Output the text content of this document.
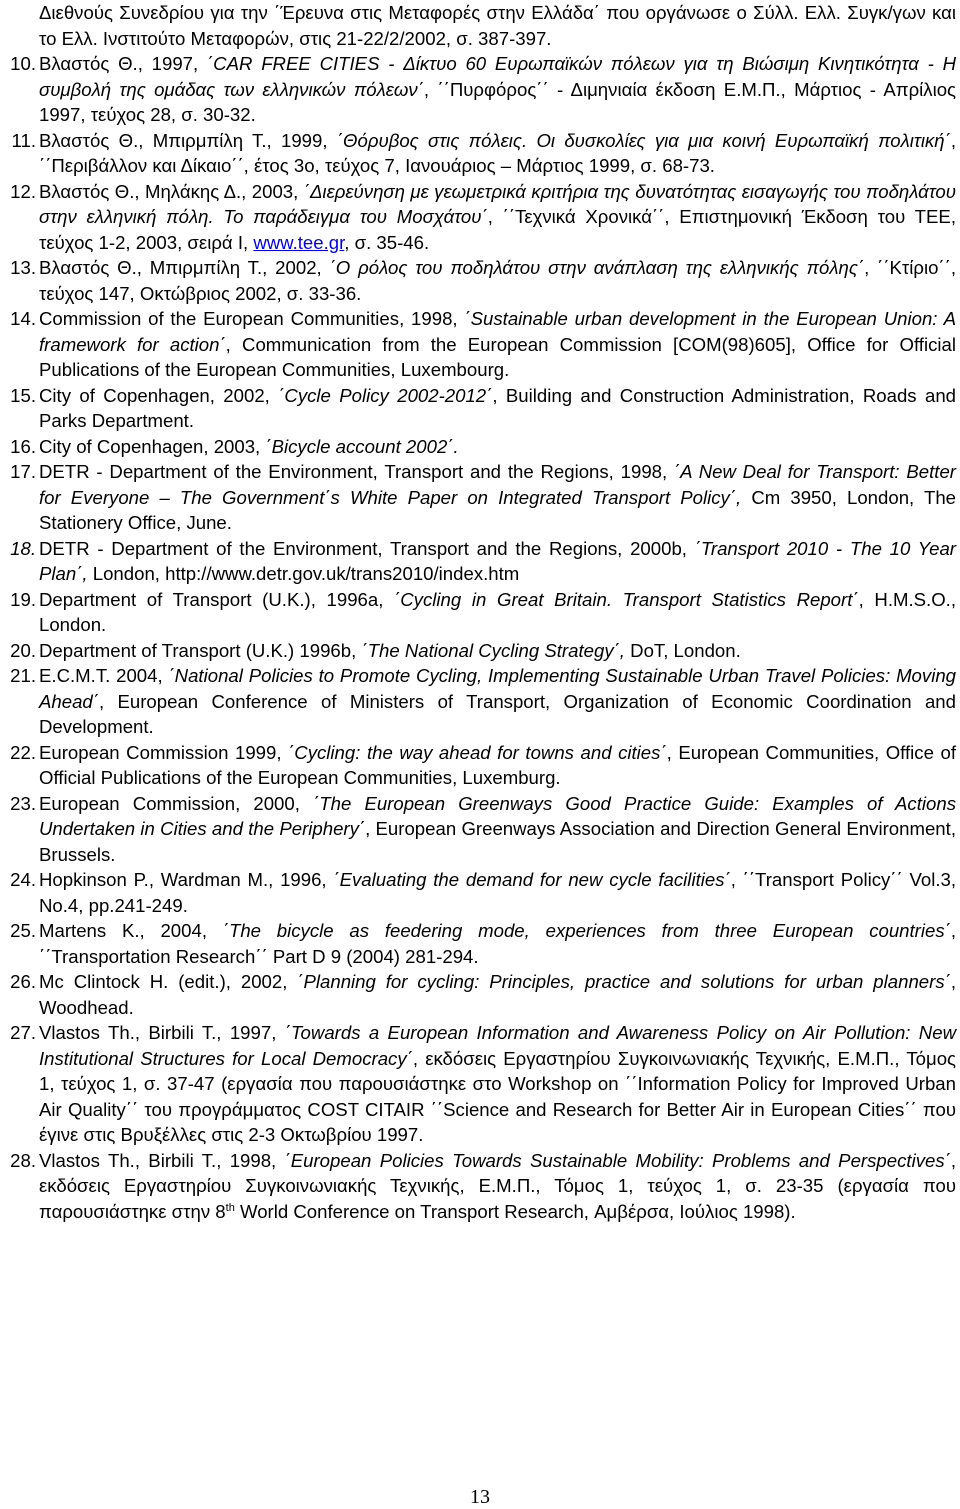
Διεθνούς Συνεδρίου για την ΄Έρευνα στις Μεταφορές στην Ελλάδα΄ που οργάνωσε ο Σύλλ. Ελλ. Συγκ/γων και το Ελλ. Ινστιτούτο Μεταφορών, στις 21-22/2/2002, σ. 387-397.
10. Βλαστός Θ., 1997, ΄CAR FREE CITIES - Δίκτυο 60 Ευρωπαϊκών πόλεων για τη Βιώσιμη Κινητικότητα - Η συμβολή της ομάδας των ελληνικών πόλεων΄, ΄΄Πυρφόρος΄΄ - Διμηνιαία έκδοση Ε.Μ.Π., Μάρτιος - Απρίλιος 1997, τεύχος 28, σ. 30-32.
11. Βλαστός Θ., Μπιρμπίλη Τ., 1999, ΄Θόρυβος στις πόλεις. Οι δυσκολίες για μια κοινή Ευρωπαϊκή πολιτική΄, ΄΄Περιβάλλον και Δίκαιο΄΄, έτος 3ο, τεύχος 7, Ιανουάριος – Μάρτιος 1999, σ. 68-73.
12. Βλαστός Θ., Μηλάκης Δ., 2003, ΄Διερεύνηση με γεωμετρικά κριτήρια της δυνατότητας εισαγωγής του ποδηλάτου στην ελληνική πόλη. Το παράδειγμα του Μοσχάτου΄, ΄΄Τεχνικά Χρονικά΄΄, Επιστημονική Έκδοση του ΤΕΕ, τεύχος 1-2, 2003, σειρά Ι, www.tee.gr, σ. 35-46.
13. Βλαστός Θ., Μπιρμπίλη Τ., 2002, ΄Ο ρόλος του ποδηλάτου στην ανάπλαση της ελληνικής πόλης΄, ΄΄Κτίριο΄΄, τεύχος 147, Οκτώβριος 2002, σ. 33-36.
14. Commission of the European Communities, 1998, ΄Sustainable urban development in the European Union: A framework for action΄, Communication from the European Commission [COM(98)605], Office for Official Publications of the European Communities, Luxembourg.
15. City of Copenhagen, 2002, ΄Cycle Policy 2002-2012΄, Building and Construction Administration, Roads and Parks Department.
16. City of Copenhagen, 2003, ΄Bicycle account 2002΄.
17. DETR - Department of the Environment, Transport and the Regions, 1998, ΄A New Deal for Transport: Better for Everyone – The Government΄s White Paper on Integrated Transport Policy΄, Cm 3950, London, The Stationery Office, June.
18. DETR - Department of the Environment, Transport and the Regions, 2000b, ΄Transport 2010 - The 10 Year Plan΄, London, http://www.detr.gov.uk/trans2010/index.htm
19. Department of Transport (U.K.), 1996a, ΄Cycling in Great Britain. Transport Statistics Report΄, H.M.S.O., London.
20. Department of Transport (U.K.) 1996b, ΄The National Cycling Strategy΄, DoT, London.
21. E.C.M.T. 2004, ΄National Policies to Promote Cycling, Implementing Sustainable Urban Travel Policies: Moving Ahead΄, European Conference of Ministers of Transport, Organization of Economic Coordination and Development.
22. European Commission 1999, ΄Cycling: the way ahead for towns and cities΄, European Communities, Office of Official Publications of the European Communities, Luxemburg.
23. European Commission, 2000, ΄The European Greenways Good Practice Guide: Examples of Actions Undertaken in Cities and the Periphery΄, European Greenways Association and Direction General Environment, Brussels.
24. Hopkinson P., Wardman M., 1996, ΄Evaluating the demand for new cycle facilities΄, ΄΄Transport Policy΄΄ Vol.3, No.4, pp.241-249.
25. Martens K., 2004, ΄The bicycle as feedering mode, experiences from three European countries΄, ΄΄Transportation Research΄΄ Part D 9 (2004) 281-294.
26. Mc Clintock H. (edit.), 2002, ΄Planning for cycling: Principles, practice and solutions for urban planners΄, Woodhead.
27. Vlastos Th., Birbili T., 1997, ΄Towards a European Information and Awareness Policy on Air Pollution: New Institutional Structures for Local Democracy΄, εκδόσεις Εργαστηρίου Συγκοινωνιακής Τεχνικής, Ε.Μ.Π., Τόμος 1, τεύχος 1, σ. 37-47 (εργασία που παρουσιάστηκε στο Workshop on ΄΄Information Policy for Improved Urban Air Quality΄΄ του προγράμματος COST CITAIR ΄΄Science and Research for Better Air in European Cities΄΄ που έγινε στις Βρυξέλλες στις 2-3 Οκτωβρίου 1997.
28. Vlastos Th., Birbili T., 1998, ΄European Policies Towards Sustainable Mobility: Problems and Perspectives΄, εκδόσεις Εργαστηρίου Συγκοινωνιακής Τεχνικής, Ε.Μ.Π., Τόμος 1, τεύχος 1, σ. 23-35 (εργασία που παρουσιάστηκε στην 8th World Conference on Transport Research, Αμβέρσα, Ιούλιος 1998).
13
